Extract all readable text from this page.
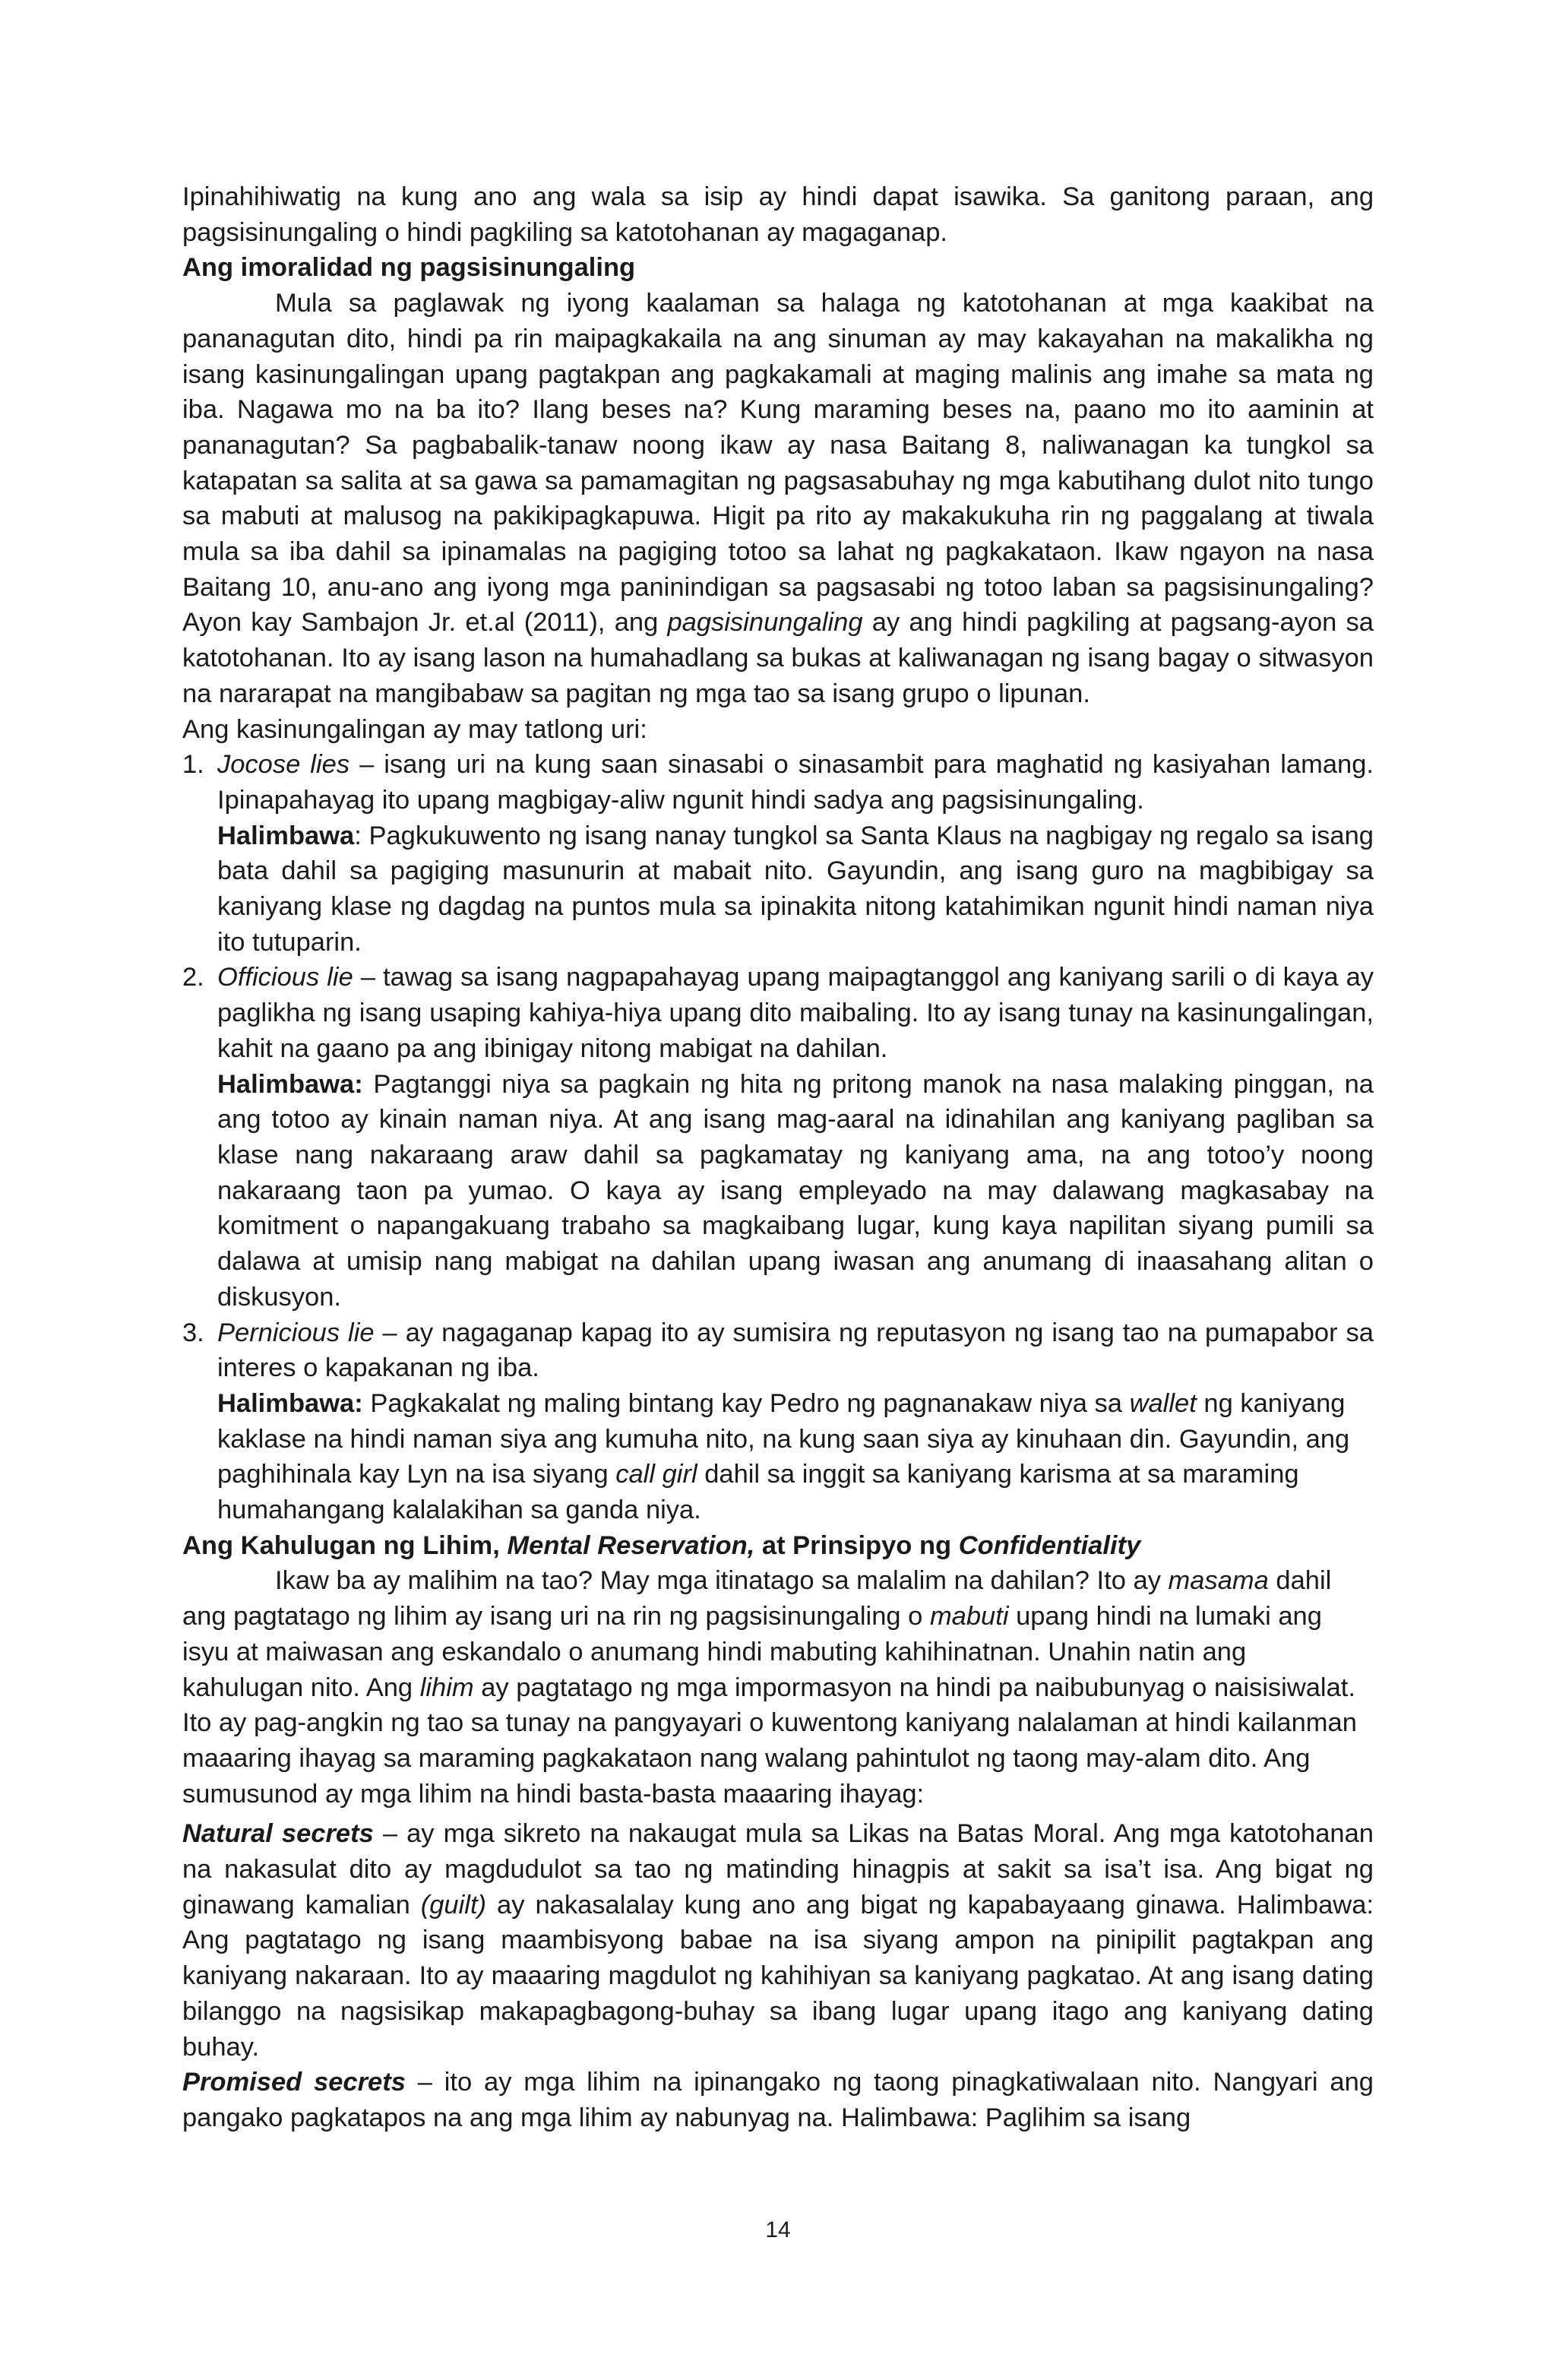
Ipinahihiwatig na kung ano ang wala sa isip ay hindi dapat isawika. Sa ganitong paraan, ang pagsisinungaling o hindi pagkiling sa katotohanan ay magaganap.

Ang imoralidad ng pagsisinungaling

Mula sa paglawak ng iyong kaalaman sa halaga ng katotohanan at mga kaakibat na pananagutan dito, hindi pa rin maipagkakaila na ang sinuman ay may kakayahan na makalikha ng isang kasinungalingan upang pagtakpan ang pagkakamali at maging malinis ang imahe sa mata ng iba. Nagawa mo na ba ito? Ilang beses na? Kung maraming beses na, paano mo ito aaminin at pananagutan? Sa pagbabalik-tanaw noong ikaw ay nasa Baitang 8, naliwanagan ka tungkol sa katapatan sa salita at sa gawa sa pamamagitan ng pagsasabuhay ng mga kabutihang dulot nito tungo sa mabuti at malusog na pakikipagkapuwa. Higit pa rito ay makakukuha rin ng paggalang at tiwala mula sa iba dahil sa ipinamalas na pagiging totoo sa lahat ng pagkakataon. Ikaw ngayon na nasa Baitang 10, anu-ano ang iyong mga paninindigan sa pagsasabi ng totoo laban sa pagsisinungaling? Ayon kay Sambajon Jr. et.al (2011), ang pagsisinungaling ay ang hindi pagkiling at pagsang-ayon sa katotohanan. Ito ay isang lason na humahadlang sa bukas at kaliwanagan ng isang bagay o sitwasyon na nararapat na mangibabaw sa pagitan ng mga tao sa isang grupo o lipunan.

Ang kasinungalingan ay may tatlong uri:

1. Jocose lies – isang uri na kung saan sinasabi o sinasambit para maghatid ng kasiyahan lamang. Ipinapahayag ito upang magbigay-aliw ngunit hindi sadya ang pagsisinungaling.

Halimbawa: Pagkukuwento ng isang nanay tungkol sa Santa Klaus na nagbigay ng regalo sa isang bata dahil sa pagiging masunurin at mabait nito. Gayundin, ang isang guro na magbibigay sa kaniyang klase ng dagdag na puntos mula sa ipinakita nitong katahimikan ngunit hindi naman niya ito tutuparin.

2. Officious lie – tawag sa isang nagpapahayag upang maipagtanggol ang kaniyang sarili o di kaya ay paglikha ng isang usaping kahiya-hiya upang dito maibaling. Ito ay isang tunay na kasinungalingan, kahit na gaano pa ang ibinigay nitong mabigat na dahilan.

Halimbawa: Pagtanggi niya sa pagkain ng hita ng pritong manok na nasa malaking pinggan, na ang totoo ay kinain naman niya. At ang isang mag-aaral na idinahilan ang kaniyang pagliban sa klase nang nakaraang araw dahil sa pagkamatay ng kaniyang ama, na ang totoo’y noong nakaraang taon pa yumao. O kaya ay isang empleyado na may dalawang magkasabay na komitment o napangakuang trabaho sa magkaibang lugar, kung kaya napilitan siyang pumili sa dalawa at umisip nang mabigat na dahilan upang iwasan ang anumang di inaasahang alitan o diskusyon.

3. Pernicious lie – ay nagaganap kapag ito ay sumisira ng reputasyon ng isang tao na pumapabor sa interes o kapakanan ng iba.

Halimbawa: Pagkakalat ng maling bintang kay Pedro ng pagnanakaw niya sa wallet ng kaniyang kaklase na hindi naman siya ang kumuha nito, na kung saan siya ay kinuhaan din. Gayundin, ang paghihinala kay Lyn na isa siyang call girl dahil sa inggit sa kaniyang karisma at sa maraming humahangang kalalakihan sa ganda niya.

Ang Kahulugan ng Lihim, Mental Reservation, at Prinsipyo ng Confidentiality

Ikaw ba ay malihim na tao? May mga itinatago sa malalim na dahilan? Ito ay masama dahil ang pagtatago ng lihim ay isang uri na rin ng pagsisinungaling o mabuti upang hindi na lumaki ang isyu at maiwasan ang eskandalo o anumang hindi mabuting kahihinatnan. Unahin natin ang kahulugan nito. Ang lihim ay pagtatago ng mga impormasyon na hindi pa naibubunyag o naisisiwalat. Ito ay pag-angkin ng tao sa tunay na pangyayari o kuwentong kaniyang nalalaman at hindi kailanman maaaring ihayag sa maraming pagkakataon nang walang pahintulot ng taong may-alam dito. Ang sumusunod ay mga lihim na hindi basta-basta maaaring ihayag:

Natural secrets – ay mga sikreto na nakaugat mula sa Likas na Batas Moral. Ang mga katotohanan na nakasulat dito ay magdudulot sa tao ng matinding hinagpis at sakit sa isa’t isa. Ang bigat ng ginawang kamalian (guilt) ay nakasalalay kung ano ang bigat ng kapabayaang ginawa. Halimbawa: Ang pagtatago ng isang maambisyong babae na isa siyang ampon na pinipilit pagtakpan ang kaniyang nakaraan. Ito ay maaaring magdulot ng kahihiyan sa kaniyang pagkatao. At ang isang dating bilanggo na nagsisikap makapagbagong-buhay sa ibang lugar upang itago ang kaniyang dating buhay.

Promised secrets – ito ay mga lihim na ipinangako ng taong pinagkatiwalaan nito. Nangyari ang pangako pagkatapos na ang mga lihim ay nabunyag na. Halimbawa: Paglihim sa isang

14
